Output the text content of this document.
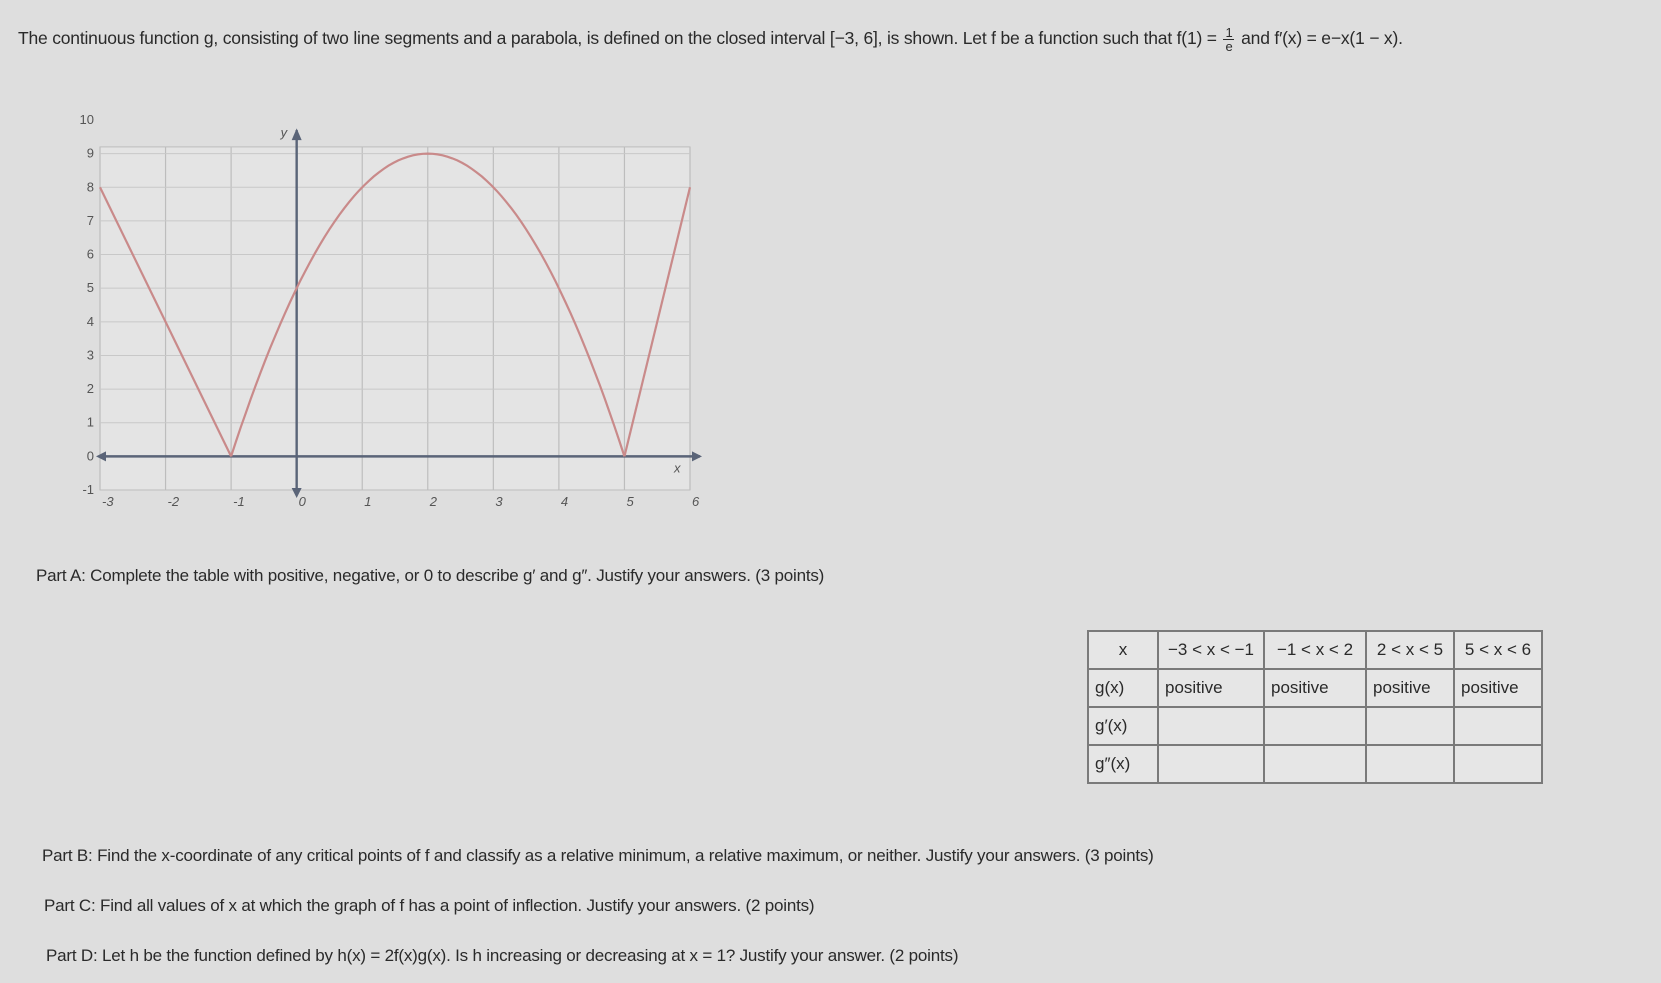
The continuous function g, consisting of two line segments and a parabola, is defined on the closed interval [−3, 6], is shown. Let f be a function such that $f(1) = \frac{1}{e}$ and f′(x) = e−x(1 − x).
x
y
-3	-2	-1	0	1	2	3	4	5	6
-1
0
1
2
3
4
5
6
7
8
9
10
Part A: Complete the table with positive, negative, or 0 to describe g′ and g″. Justify your answers. (3 points)
x	−3 < x < −1	−1 < x < 2	2 < x < 5	5 < x < 6
g(x)	positive	positive	positive	positive
g′(x)				
g″(x)				
Part B: Find the x-coordinate of any critical points of f and classify as a relative minimum, a relative maximum, or neither. Justify your answers. (3 points)
Part C: Find all values of x at which the graph of f has a point of inflection. Justify your answers. (2 points)
Part D: Let h be the function defined by h(x) = 2f(x)g(x). Is h increasing or decreasing at x = 1? Justify your answer. (2 points)
